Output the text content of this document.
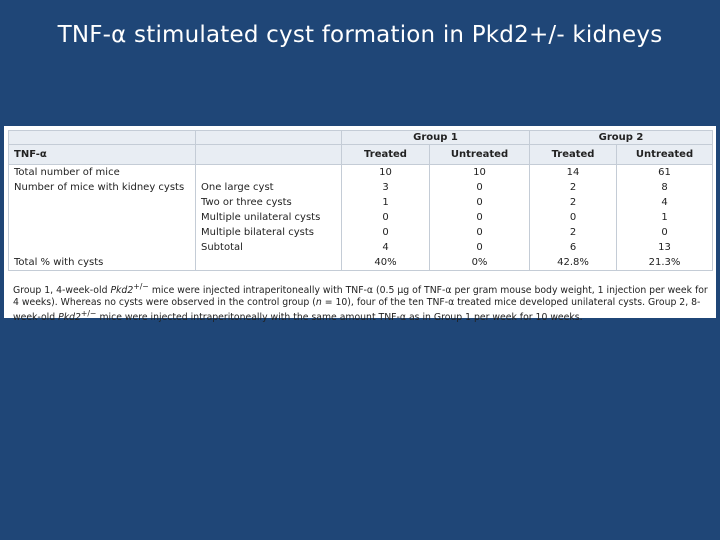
TNF-α stimulated cyst formation in Pkd2+/- kidneys
		Group 1		Group 2	
TNF-α		Treated	Untreated	Treated	Untreated
Total number of mice		10	10	14	61
Number of mice with kidney cysts	One large cyst	3	0	2	8
	Two or three cysts	1	0	2	4
	Multiple unilateral cysts	0	0	0	1
	Multiple bilateral cysts	0	0	2	0
	Subtotal	4	0	6	13
Total % with cysts		40%	0%	42.8%	21.3%
Group 1, 4-week-old Pkd2+/− mice were injected intraperitoneally with TNF-α (0.5 µg of TNF-α per gram mouse body weight, 1 injection per week for 4 weeks). Whereas no cysts were observed in the control group (n = 10), four of the ten TNF-α treated mice developed unilateral cysts. Group 2, 8-week-old Pkd2+/− mice were injected intraperitoneally with the same amount TNF-α as in Group 1 per week for 10 weeks.
